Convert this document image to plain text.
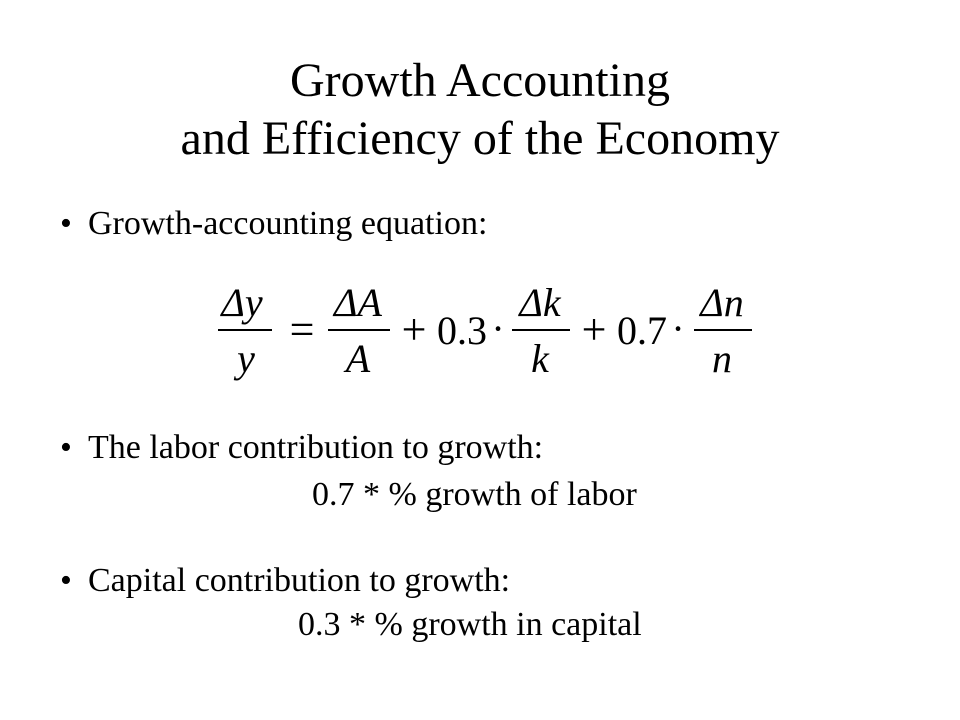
Growth Accounting
and Efficiency of the Economy
• Growth-accounting equation:
Δy
y
=
ΔA
A
+ 0.3 ·
Δk
k
+ 0.7 ·
Δn
n
• The labor contribution to growth:
0.7 * % growth of labor
• Capital contribution to growth:
0.3 * % growth in capital
